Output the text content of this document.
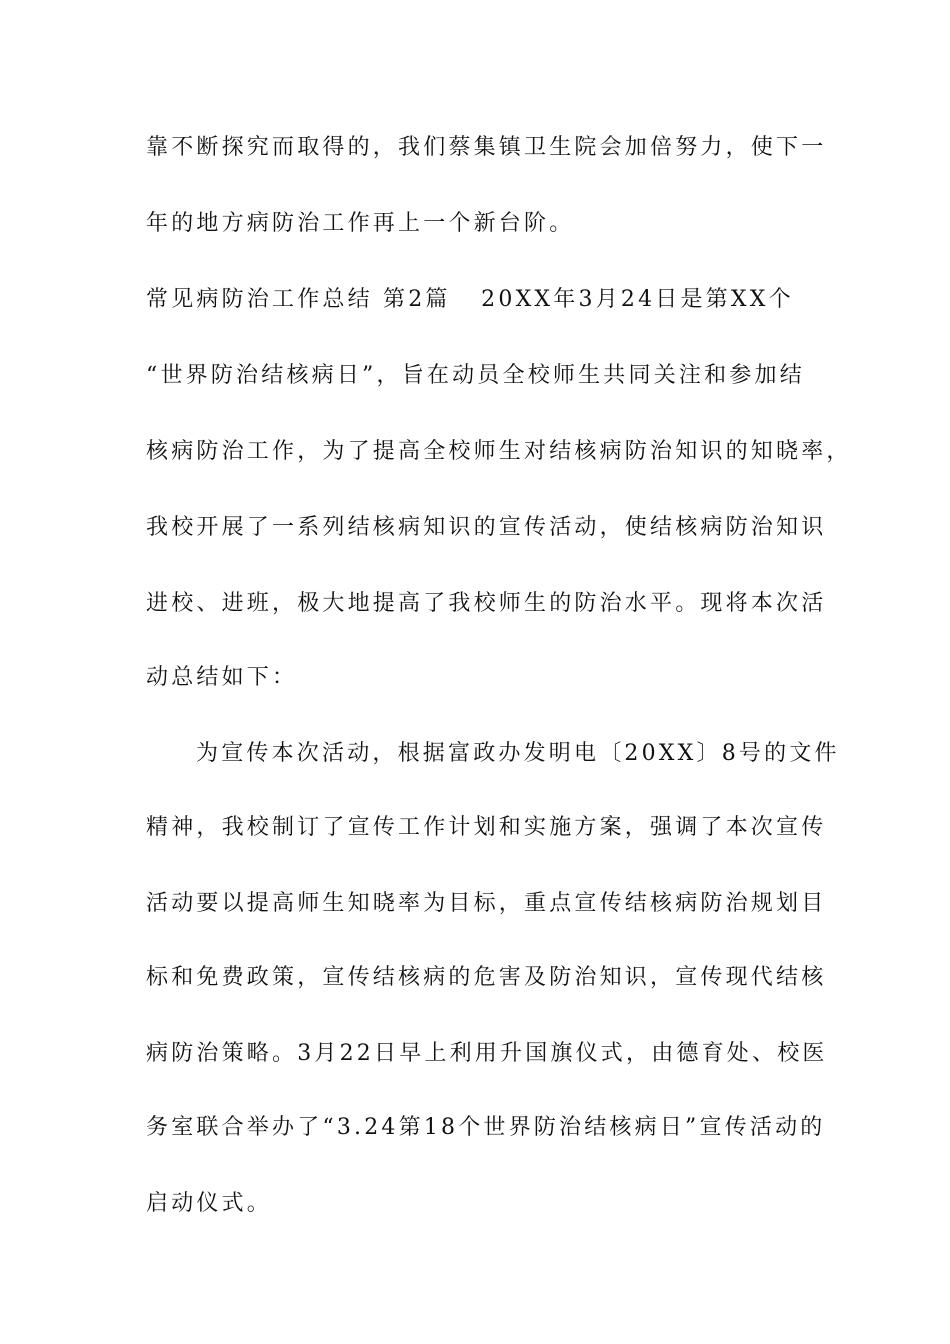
靠不断探究而取得的，我们蔡集镇卫生院会加倍努力，使下一
年的地方病防治工作再上一个新台阶。
常见病防治工作总结 第2篇   20XX年3月24日是第XX个
“世界防治结核病日”，旨在动员全校师生共同关注和参加结
核病防治工作，为了提高全校师生对结核病防治知识的知晓率，
我校开展了一系列结核病知识的宣传活动，使结核病防治知识
进校、进班，极大地提高了我校师生的防治水平。现将本次活
动总结如下：
为宣传本次活动，根据富政办发明电〔20XX〕8号的文件
精神，我校制订了宣传工作计划和实施方案，强调了本次宣传
活动要以提高师生知晓率为目标，重点宣传结核病防治规划目
标和免费政策，宣传结核病的危害及防治知识，宣传现代结核
病防治策略。3月22日早上利用升国旗仪式，由德育处、校医
务室联合举办了“3.24第18个世界防治结核病日”宣传活动的
启动仪式。
